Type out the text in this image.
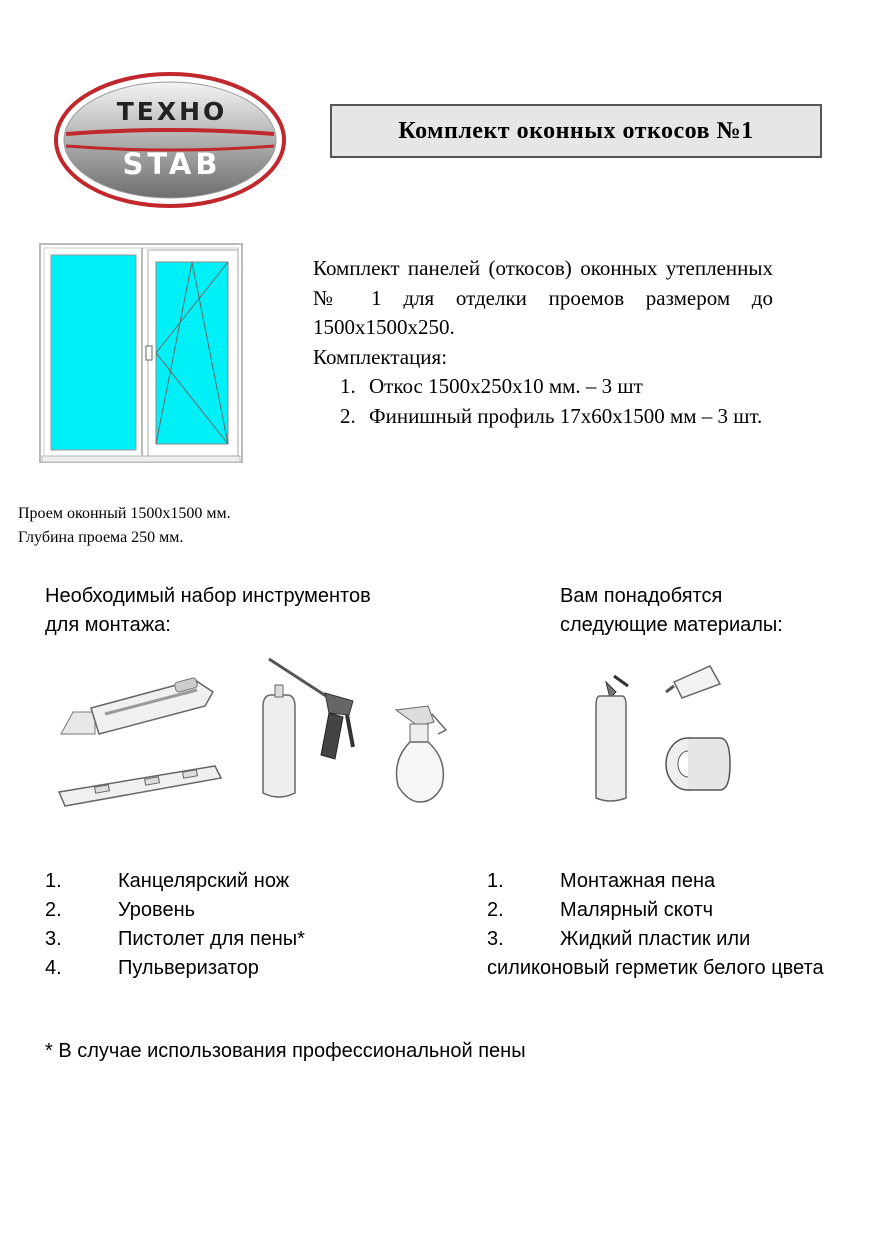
ТЕХНО
STAB
Комплект оконных откосов №1

Комплект панелей (откосов) оконных утепленных № 1 для отделки проемов размером до 1500х1500х250.

Комплектация:

1. Откос 1500х250х10 мм. – 3 шт
2. Финишный профиль 17х60х1500 мм – 3 шт.
Проем оконный 1500х1500 мм.
Глубина проема 250 мм.
Необходимый набор инструментов
для монтажа:
Вам понадобятся
следующие материалы:
1.	Канцелярский нож
2.	Уровень
3.	Пистолет для пены*
4.	Пульверизатор
1.	Монтажная пена
2.	Малярный скотч
3.	Жидкий пластик или
силиконовый герметик белого цвета
* В случае использования профессиональной пены
